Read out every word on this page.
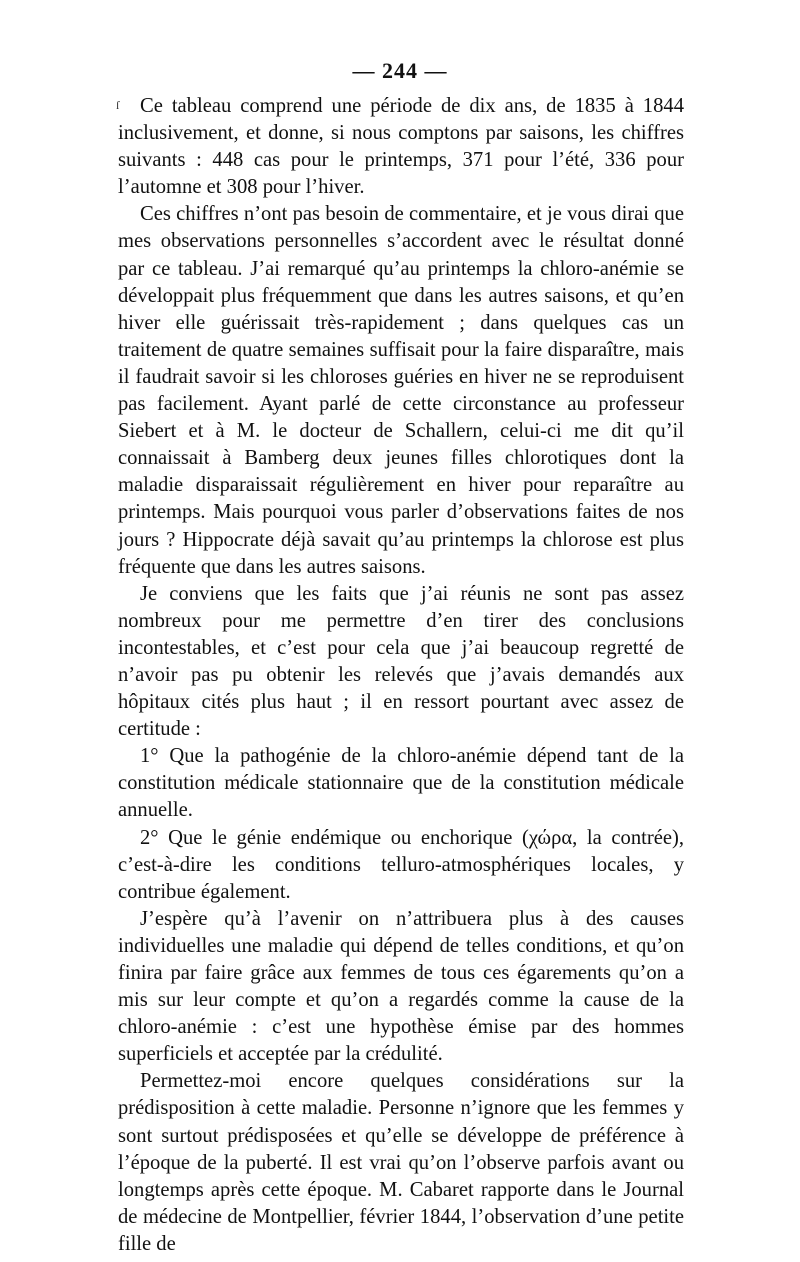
— 244 —
ſ	Ce tableau comprend une période de dix ans, de 1835 à 1844 inclusivement, et donne, si nous comptons par saisons, les chiffres suivants : 448 cas pour le printemps, 371 pour l’été, 336 pour l’automne et 308 pour l’hiver.

Ces chiffres n’ont pas besoin de commentaire, et je vous dirai que mes observations personnelles s’accordent avec le résultat donné par ce tableau. J’ai remarqué qu’au printemps la chloro-anémie se développait plus fréquemment que dans les autres saisons, et qu’en hiver elle guérissait très-rapidement ; dans quelques cas un traitement de quatre semaines suffisait pour la faire disparaître, mais il faudrait savoir si les chloroses guéries en hiver ne se reproduisent pas facilement. Ayant parlé de cette circonstance au professeur Siebert et à M. le docteur de Schallern, celui-ci me dit qu’il connaissait à Bamberg deux jeunes filles chlorotiques dont la maladie disparaissait régulièrement en hiver pour reparaître au printemps. Mais pourquoi vous parler d’observations faites de nos jours ? Hippocrate déjà savait qu’au printemps la chlorose est plus fréquente que dans les autres saisons.

Je conviens que les faits que j’ai réunis ne sont pas assez nombreux pour me permettre d’en tirer des conclusions incontestables, et c’est pour cela que j’ai beaucoup regretté de n’avoir pas pu obtenir les relevés que j’avais demandés aux hôpitaux cités plus haut ; il en ressort pourtant avec assez de certitude :

1° Que la pathogénie de la chloro-anémie dépend tant de la constitution médicale stationnaire que de la constitution médicale annuelle.

2° Que le génie endémique ou enchorique (χώρα, la contrée), c’est-à-dire les conditions telluro-atmosphériques locales, y contribue également.

J’espère qu’à l’avenir on n’attribuera plus à des causes individuelles une maladie qui dépend de telles conditions, et qu’on finira par faire grâce aux femmes de tous ces égarements qu’on a mis sur leur compte et qu’on a regardés comme la cause de la chloro-anémie : c’est une hypothèse émise par des hommes superficiels et acceptée par la crédulité.

Permettez-moi encore quelques considérations sur la prédisposition à cette maladie. Personne n’ignore que les femmes y sont surtout prédisposées et qu’elle se développe de préférence à l’époque de la puberté. Il est vrai qu’on l’observe parfois avant ou longtemps après cette époque. M. Cabaret rapporte dans le Journal de médecine de Montpellier, février 1844, l’observation d’une petite fille de
